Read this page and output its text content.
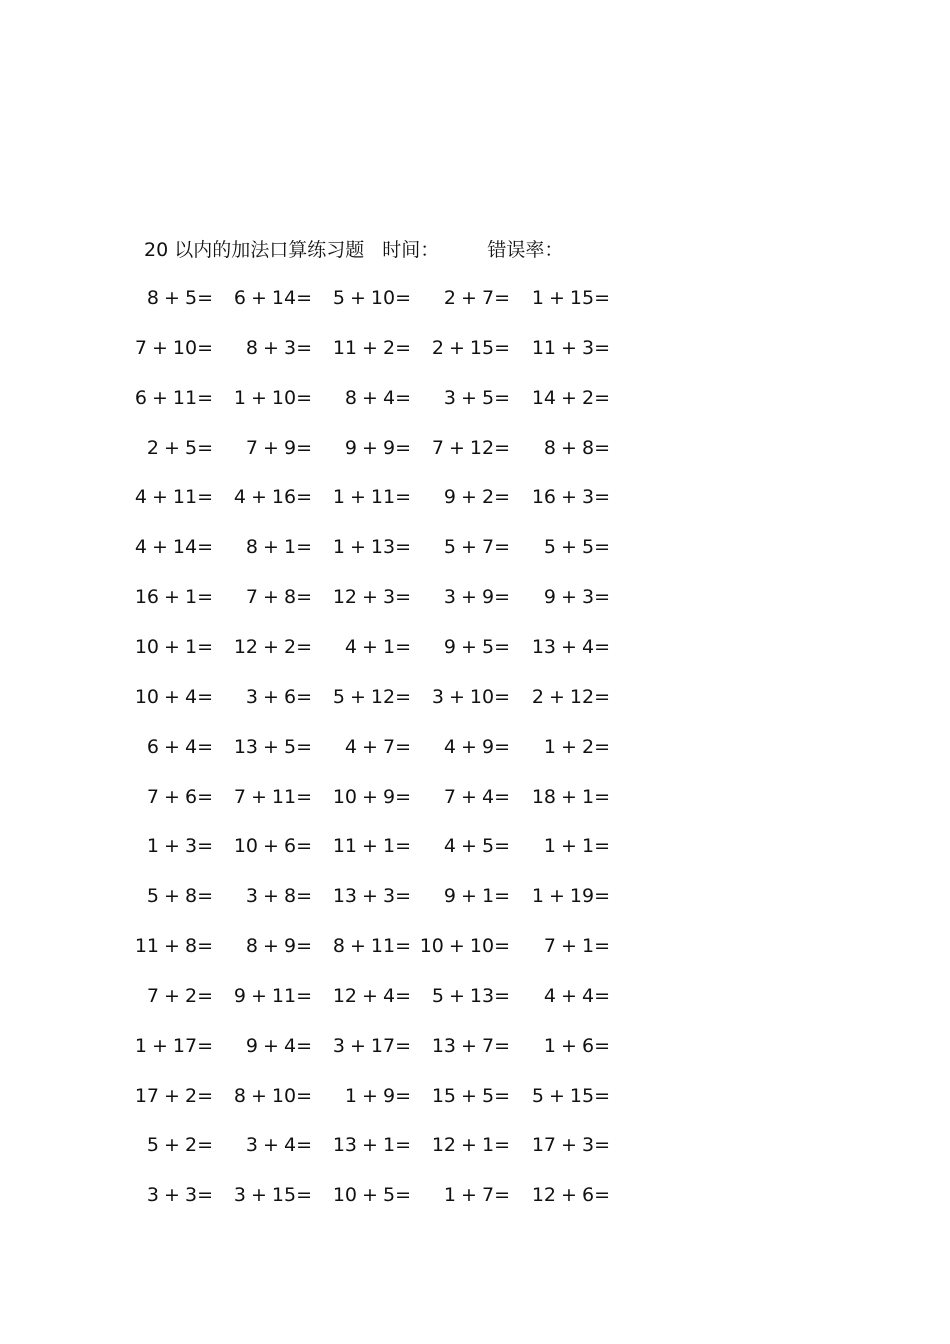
20 以内的加法口算练习题 时间：	错误率：
8 + 5= 6 + 14= 5 + 10= 2 + 7= 1 + 15=
7 + 10= 8 + 3= 11 + 2= 2 + 15= 11 + 3=
6 + 11= 1 + 10= 8 + 4= 3 + 5= 14 + 2=
2 + 5= 7 + 9= 9 + 9= 7 + 12= 8 + 8=
4 + 11= 4 + 16= 1 + 11= 9 + 2= 16 + 3=
4 + 14= 8 + 1= 1 + 13= 5 + 7= 5 + 5=
16 + 1= 7 + 8= 12 + 3= 3 + 9= 9 + 3=
10 + 1= 12 + 2= 4 + 1= 9 + 5= 13 + 4=
10 + 4= 3 + 6= 5 + 12= 3 + 10= 2 + 12=
6 + 4= 13 + 5= 4 + 7= 4 + 9= 1 + 2=
7 + 6= 7 + 11= 10 + 9= 7 + 4= 18 + 1=
1 + 3= 10 + 6= 11 + 1= 4 + 5= 1 + 1=
5 + 8= 3 + 8= 13 + 3= 9 + 1= 1 + 19=
11 + 8= 8 + 9= 8 + 11= 10 + 10= 7 + 1=
7 + 2= 9 + 11= 12 + 4= 5 + 13= 4 + 4=
1 + 17= 9 + 4= 3 + 17= 13 + 7= 1 + 6=
17 + 2= 8 + 10= 1 + 9= 15 + 5= 5 + 15=
5 + 2= 3 + 4= 13 + 1= 12 + 1= 17 + 3=
3 + 3= 3 + 15= 10 + 5= 1 + 7= 12 + 6=
